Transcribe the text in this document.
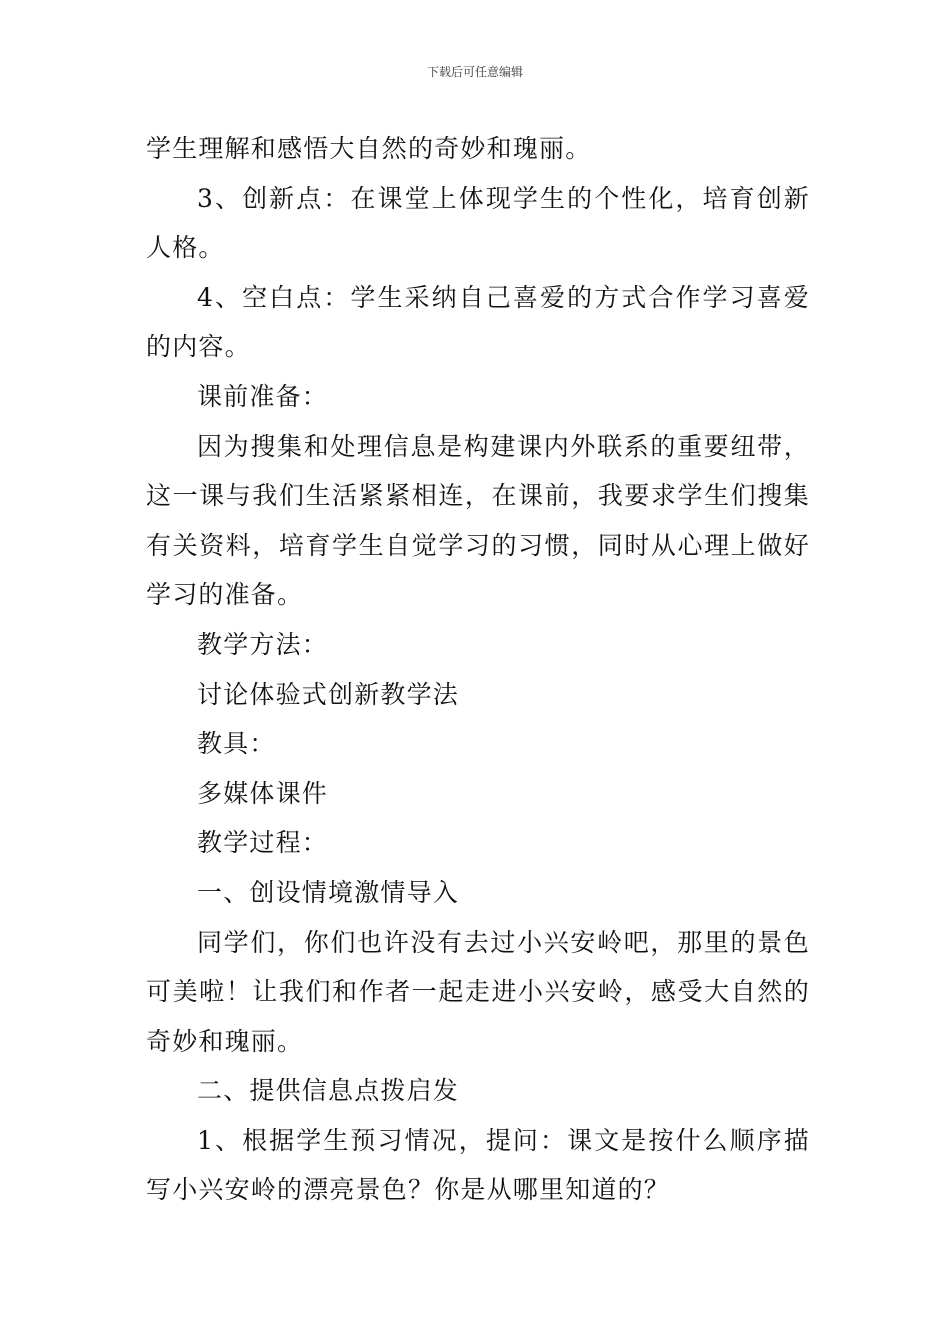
下载后可任意编辑

学生理解和感悟大自然的奇妙和瑰丽。

3、创新点：在课堂上体现学生的个性化，培育创新人格。

4、空白点：学生采纳自己喜爱的方式合作学习喜爱的内容。

课前准备：

因为搜集和处理信息是构建课内外联系的重要纽带，这一课与我们生活紧紧相连，在课前，我要求学生们搜集有关资料，培育学生自觉学习的习惯，同时从心理上做好学习的准备。

教学方法：

讨论体验式创新教学法

教具：

多媒体课件

教学过程：

一、创设情境激情导入

同学们，你们也许没有去过小兴安岭吧，那里的景色可美啦！让我们和作者一起走进小兴安岭，感受大自然的奇妙和瑰丽。

二、提供信息点拨启发

1、根据学生预习情况，提问：课文是按什么顺序描写小兴安岭的漂亮景色？你是从哪里知道的？
